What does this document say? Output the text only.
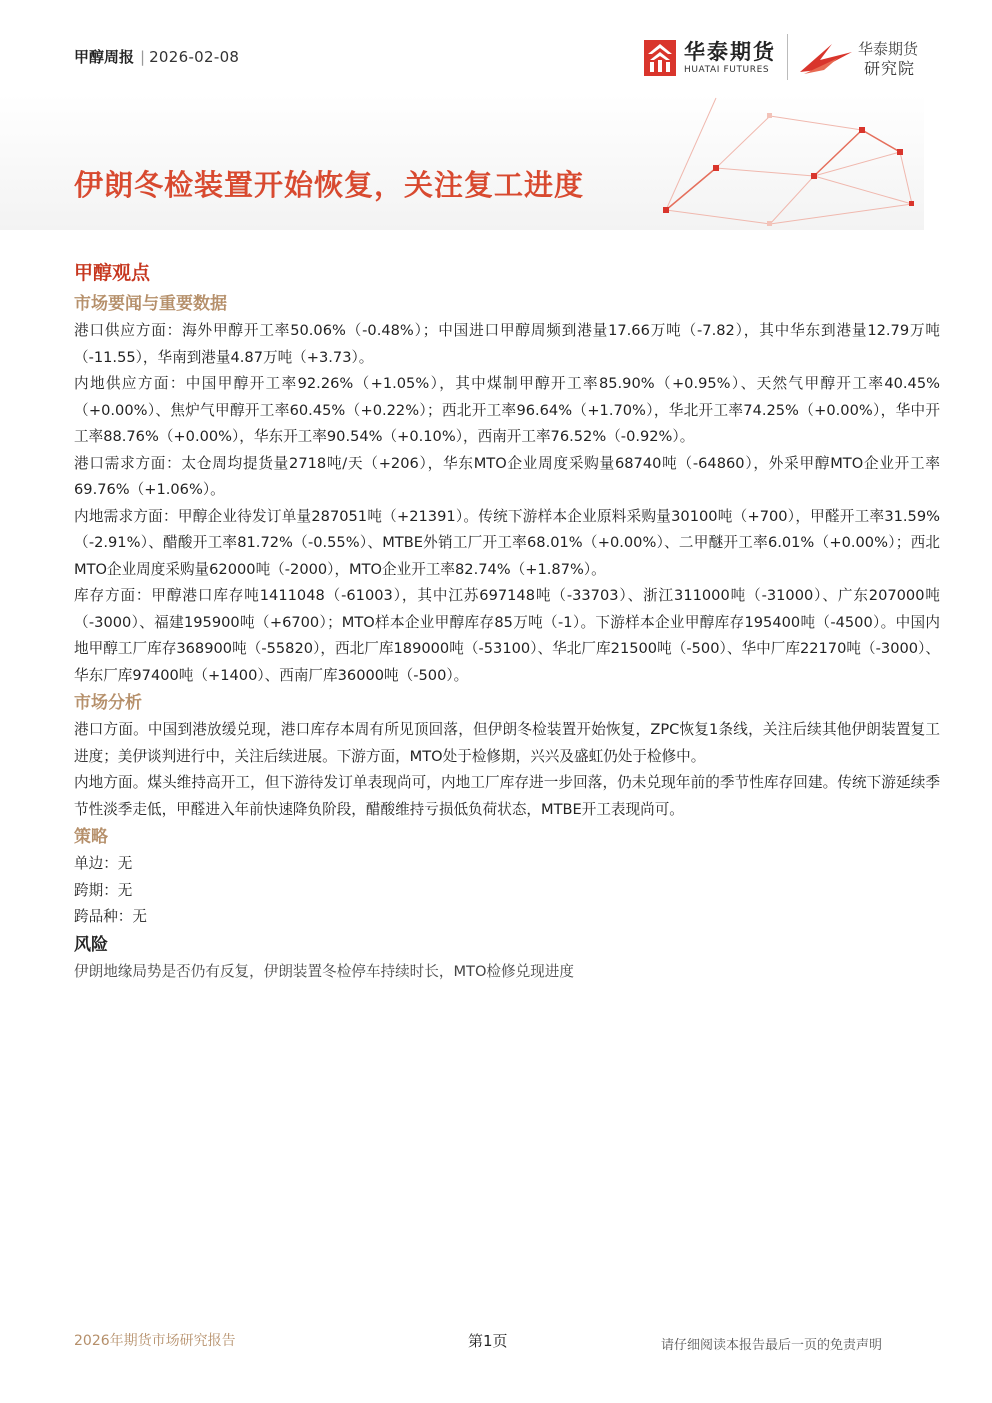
甲醇周报 | 2026-02-08	华泰期货
HUATAI FUTURES
华泰期货
研究院
伊朗冬检装置开始恢复，关注复工进度
甲醇观点
市场要闻与重要数据

港口供应方面：海外甲醇开工率50.06%（-0.48%）；中国进口甲醇周频到港量17.66万吨（-7.82），其中华东到港量12.79万吨（-11.55），华南到港量4.87万吨（+3.73）。

内地供应方面：中国甲醇开工率92.26%（+1.05%），其中煤制甲醇开工率85.90%（+0.95%）、天然气甲醇开工率40.45%（+0.00%）、焦炉气甲醇开工率60.45%（+0.22%）；西北开工率96.64%（+1.70%），华北开工率74.25%（+0.00%），华中开工率88.76%（+0.00%），华东开工率90.54%（+0.10%），西南开工率76.52%（-0.92%）。

港口需求方面：太仓周均提货量2718吨/天（+206），华东MTO企业周度采购量68740吨（-64860），外采甲醇MTO企业开工率69.76%（+1.06%）。

内地需求方面：甲醇企业待发订单量287051吨（+21391）。传统下游样本企业原料采购量30100吨（+700），甲醛开工率31.59%（-2.91%）、醋酸开工率81.72%（-0.55%）、MTBE外销工厂开工率68.01%（+0.00%）、二甲醚开工率6.01%（+0.00%）；西北MTO企业周度采购量62000吨（-2000），MTO企业开工率82.74%（+1.87%）。

库存方面：甲醇港口库存吨1411048（-61003），其中江苏697148吨（-33703）、浙江311000吨（-31000）、广东207000吨（-3000）、福建195900吨（+6700）；MTO样本企业甲醇库存85万吨（-1）。下游样本企业甲醇库存195400吨（-4500）。中国内地甲醇工厂库存368900吨（-55820），西北厂库189000吨（-53100）、华北厂库21500吨（-500）、华中厂库22170吨（-3000）、华东厂库97400吨（+1400）、西南厂库36000吨（-500）。

市场分析

港口方面。中国到港放缓兑现，港口库存本周有所见顶回落，但伊朗冬检装置开始恢复，ZPC恢复1条线，关注后续其他伊朗装置复工进度；美伊谈判进行中，关注后续进展。下游方面，MTO处于检修期，兴兴及盛虹仍处于检修中。

内地方面。煤头维持高开工，但下游待发订单表现尚可，内地工厂库存进一步回落，仍未兑现年前的季节性库存回建。传统下游延续季节性淡季走低，甲醛进入年前快速降负阶段，醋酸维持亏损低负荷状态，MTBE开工表现尚可。

策略

单边：无

跨期：无

跨品种：无

风险
伊朗地缘局势是否仍有反复，伊朗装置冬检停车持续时长，MTO检修兑现进度
2026年期货市场研究报告	第1页	请仔细阅读本报告最后一页的免责声明
